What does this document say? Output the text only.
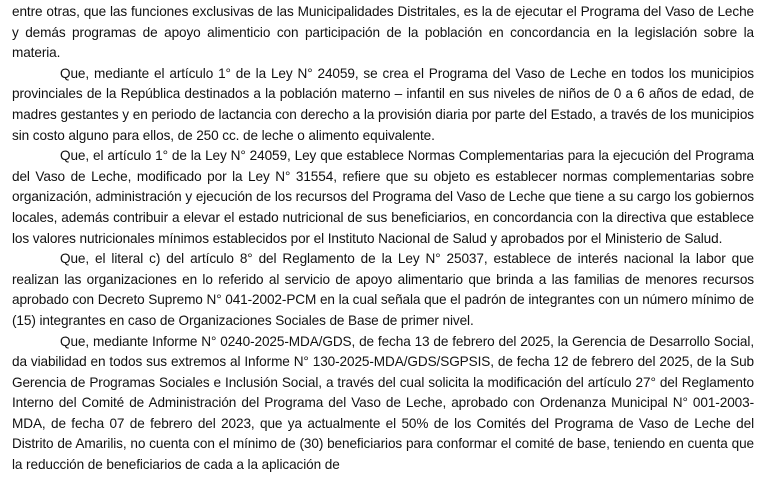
entre otras, que las funciones exclusivas de las Municipalidades Distritales, es la de ejecutar el Programa del Vaso de Leche y demás programas de apoyo alimenticio con participación de la población en concordancia en la legislación sobre la materia.

Que, mediante el artículo 1° de la Ley N° 24059, se crea el Programa del Vaso de Leche en todos los municipios provinciales de la República destinados a la población materno – infantil en sus niveles de niños de 0 a 6 años de edad, de madres gestantes y en periodo de lactancia con derecho a la provisión diaria por parte del Estado, a través de los municipios sin costo alguno para ellos, de 250 cc. de leche o alimento equivalente.

Que, el artículo 1° de la Ley N° 24059, Ley que establece Normas Complementarias para la ejecución del Programa del Vaso de Leche, modificado por la Ley N° 31554, refiere que su objeto es establecer normas complementarias sobre organización, administración y ejecución de los recursos del Programa del Vaso de Leche que tiene a su cargo los gobiernos locales, además contribuir a elevar el estado nutricional de sus beneficiarios, en concordancia con la directiva que establece los valores nutricionales mínimos establecidos por el Instituto Nacional de Salud y aprobados por el Ministerio de Salud.

Que, el literal c) del artículo 8° del Reglamento de la Ley N° 25037, establece de interés nacional la labor que realizan las organizaciones en lo referido al servicio de apoyo alimentario que brinda a las familias de menores recursos aprobado con Decreto Supremo N° 041-2002-PCM en la cual señala que el padrón de integrantes con un número mínimo de (15) integrantes en caso de Organizaciones Sociales de Base de primer nivel.

Que, mediante Informe N° 0240-2025-MDA/GDS, de fecha 13 de febrero del 2025, la Gerencia de Desarrollo Social, da viabilidad en todos sus extremos al Informe N° 130-2025-MDA/GDS/SGPSIS, de fecha 12 de febrero del 2025, de la Sub Gerencia de Programas Sociales e Inclusión Social, a través del cual solicita la modificación del artículo 27° del Reglamento Interno del Comité de Administración del Programa del Vaso de Leche, aprobado con Ordenanza Municipal N° 001-2003-MDA, de fecha 07 de febrero del 2023, que ya actualmente el 50% de los Comités del Programa de Vaso de Leche del Distrito de Amarilis, no cuenta con el mínimo de (30) beneficiarios para conformar el comité de base, teniendo en cuenta que la reducción de beneficiarios de cada a la aplicación de
